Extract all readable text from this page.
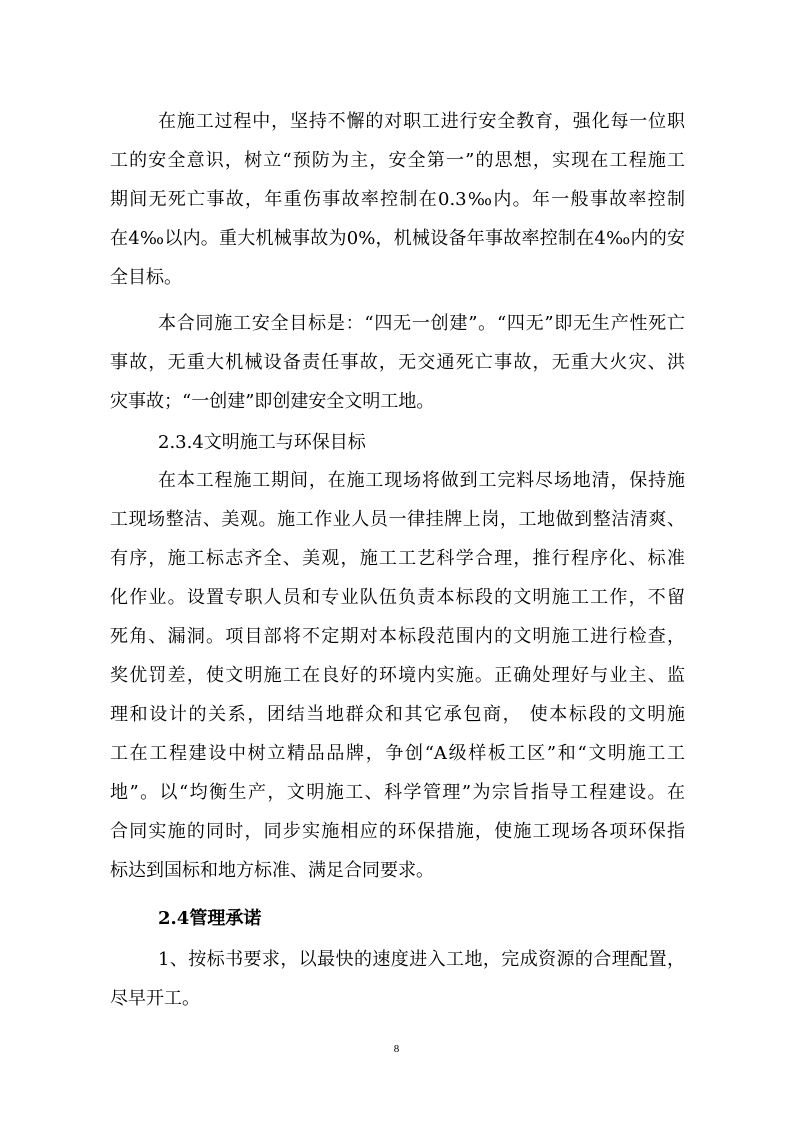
在施工过程中，坚持不懈的对职工进行安全教育，强化每一位职
工的安全意识，树立“预防为主，安全第一”的思想，实现在工程施工
期间无死亡事故，年重伤事故率控制在0.3‰内。年一般事故率控制
在4‰以内。重大机械事故为0%，机械设备年事故率控制在4‰内的安
全目标。
本合同施工安全目标是：“四无一创建”。“四无”即无生产性死亡
事故，无重大机械设备责任事故，无交通死亡事故，无重大火灾、洪
灾事故；“一创建”即创建安全文明工地。
2.3.4文明施工与环保目标
在本工程施工期间，在施工现场将做到工完料尽场地清，保持施
工现场整洁、美观。施工作业人员一律挂牌上岗，工地做到整洁清爽、
有序，施工标志齐全、美观，施工工艺科学合理，推行程序化、标准
化作业。设置专职人员和专业队伍负责本标段的文明施工工作，不留
死角、漏洞。项目部将不定期对本标段范围内的文明施工进行检查，
奖优罚差，使文明施工在良好的环境内实施。正确处理好与业主、监
理和设计的关系，团结当地群众和其它承包商， 使本标段的文明施
工在工程建设中树立精品品牌，争创“A级样板工区”和“文明施工工
地”。以“均衡生产，文明施工、科学管理”为宗旨指导工程建设。在
合同实施的同时，同步实施相应的环保措施，使施工现场各项环保指
标达到国标和地方标准、满足合同要求。
2.4管理承诺
1、按标书要求，以最快的速度进入工地，完成资源的合理配置，
尽早开工。
8
